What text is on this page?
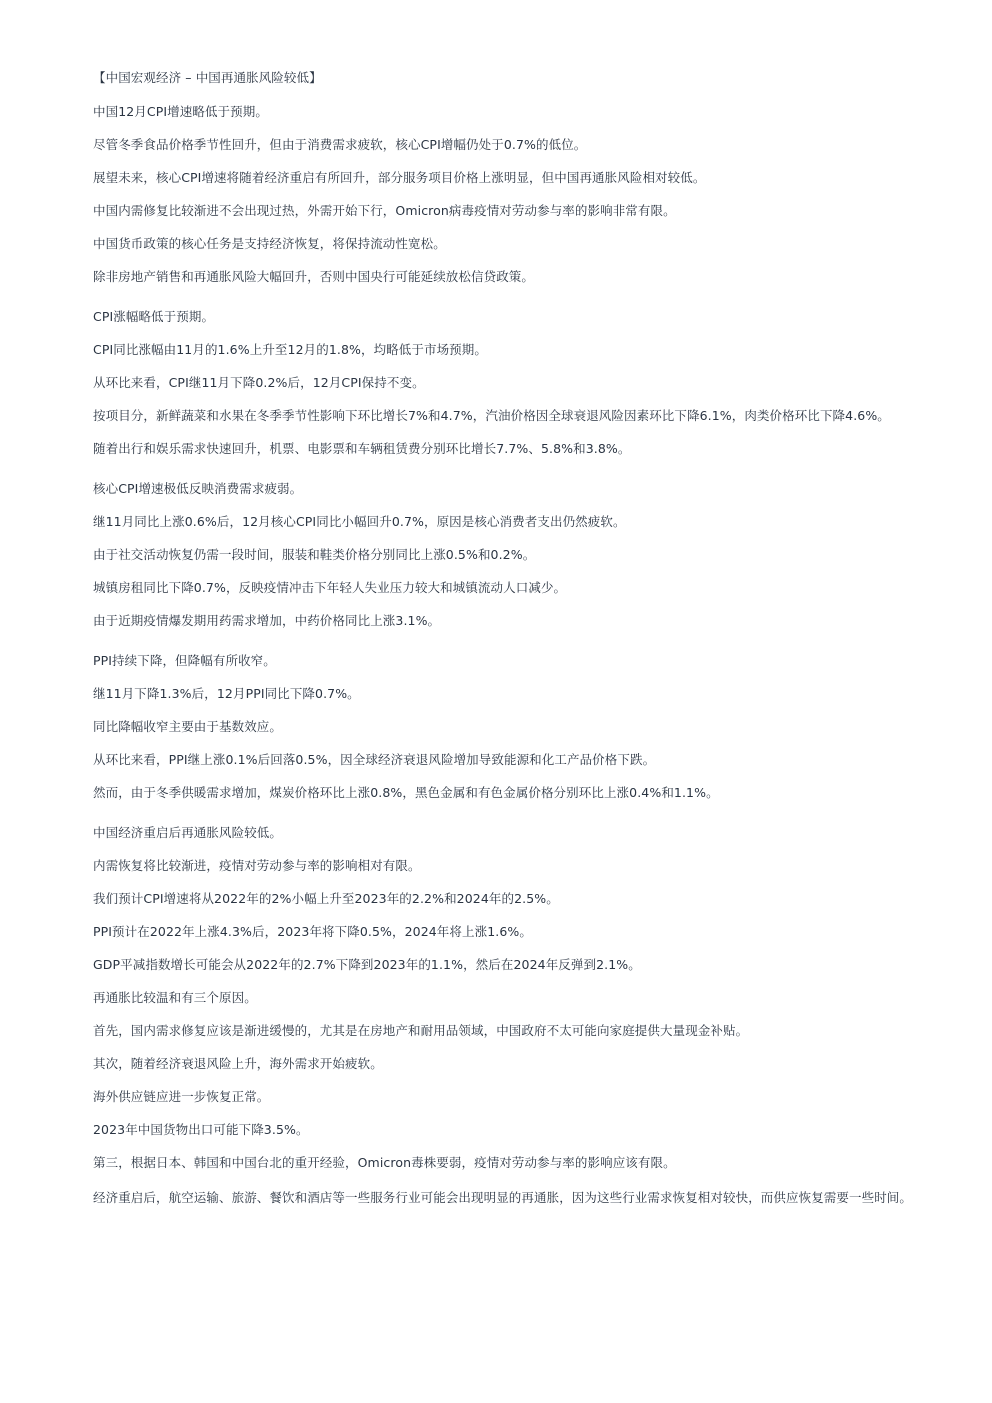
【中国宏观经济 – 中国再通胀风险较低】
中国12月CPI增速略低于预期。
尽管冬季食品价格季节性回升，但由于消费需求疲软，核心CPI增幅仍处于0.7%的低位。
展望未来，核心CPI增速将随着经济重启有所回升，部分服务项目价格上涨明显，但中国再通胀风险相对较低。
中国内需修复比较渐进不会出现过热，外需开始下行，Omicron病毒疫情对劳动参与率的影响非常有限。
中国货币政策的核心任务是支持经济恢复，将保持流动性宽松。
除非房地产销售和再通胀风险大幅回升，否则中国央行可能延续放松信贷政策。
CPI涨幅略低于预期。
CPI同比涨幅由11月的1.6%上升至12月的1.8%，均略低于市场预期。
从环比来看，CPI继11月下降0.2%后，12月CPI保持不变。
按项目分，新鲜蔬菜和水果在冬季季节性影响下环比增长7%和4.7%，汽油价格因全球衰退风险因素环比下降6.1%，肉类价格环比下降4.6%。
随着出行和娱乐需求快速回升，机票、电影票和车辆租赁费分别环比增长7.7%、5.8%和3.8%。
核心CPI增速极低反映消费需求疲弱。
继11月同比上涨0.6%后，12月核心CPI同比小幅回升0.7%，原因是核心消费者支出仍然疲软。
由于社交活动恢复仍需一段时间，服装和鞋类价格分别同比上涨0.5%和0.2%。
城镇房租同比下降0.7%，反映疫情冲击下年轻人失业压力较大和城镇流动人口减少。
由于近期疫情爆发期用药需求增加，中药价格同比上涨3.1%。
PPI持续下降，但降幅有所收窄。
继11月下降1.3%后，12月PPI同比下降0.7%。
同比降幅收窄主要由于基数效应。
从环比来看，PPI继上涨0.1%后回落0.5%，因全球经济衰退风险增加导致能源和化工产品价格下跌。
然而，由于冬季供暖需求增加，煤炭价格环比上涨0.8%，黑色金属和有色金属价格分别环比上涨0.4%和1.1%。
中国经济重启后再通胀风险较低。
内需恢复将比较渐进，疫情对劳动参与率的影响相对有限。
我们预计CPI增速将从2022年的2%小幅上升至2023年的2.2%和2024年的2.5%。
PPI预计在2022年上涨4.3%后，2023年将下降0.5%，2024年将上涨1.6%。
GDP平减指数增长可能会从2022年的2.7%下降到2023年的1.1%，然后在2024年反弹到2.1%。
再通胀比较温和有三个原因。
首先，国内需求修复应该是渐进缓慢的，尤其是在房地产和耐用品领域，中国政府不太可能向家庭提供大量现金补贴。
其次，随着经济衰退风险上升，海外需求开始疲软。
海外供应链应进一步恢复正常。
2023年中国货物出口可能下降3.5%。
第三，根据日本、韩国和中国台北的重开经验，Omicron毒株要弱，疫情对劳动参与率的影响应该有限。
经济重启后，航空运输、旅游、餐饮和酒店等一些服务行业可能会出现明显的再通胀，因为这些行业需求恢复相对较快，而供应恢复需要一些时间。
